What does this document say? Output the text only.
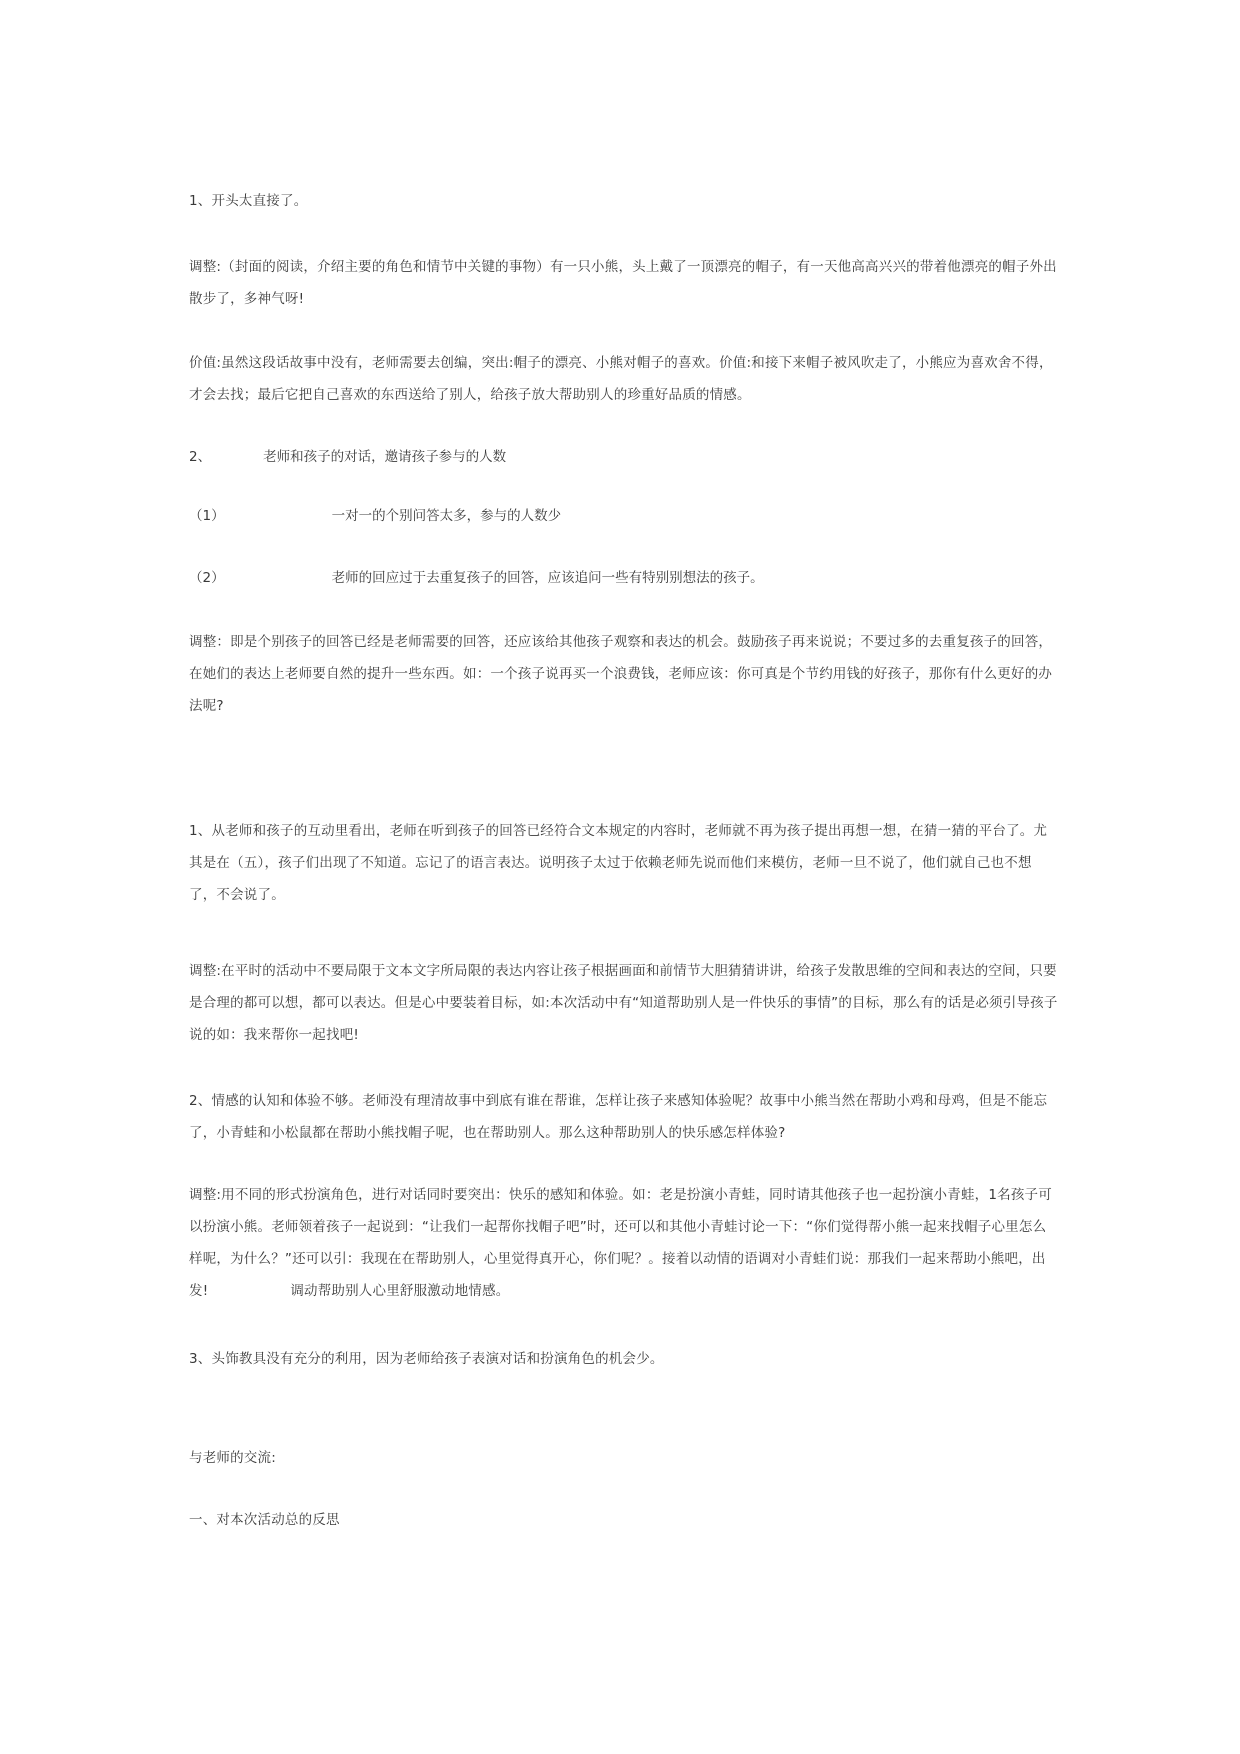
1、开头太直接了。
调整:（封面的阅读，介绍主要的角色和情节中关键的事物）有一只小熊，头上戴了一顶漂亮的帽子，有一天他高高兴兴的带着他漂亮的帽子外出散步了，多神气呀!
价值:虽然这段话故事中没有，老师需要去创编，突出:帽子的漂亮、小熊对帽子的喜欢。价值:和接下来帽子被风吹走了，小熊应为喜欢舍不得，才会去找；最后它把自己喜欢的东西送给了别人，给孩子放大帮助别人的珍重好品质的情感。
2、	老师和孩子的对话，邀请孩子参与的人数
（1）	一对一的个别问答太多，参与的人数少
（2）	老师的回应过于去重复孩子的回答，应该追问一些有特别别想法的孩子。
调整：即是个别孩子的回答已经是老师需要的回答，还应该给其他孩子观察和表达的机会。鼓励孩子再来说说；不要过多的去重复孩子的回答，在她们的表达上老师要自然的提升一些东西。如：一个孩子说再买一个浪费钱，老师应该：你可真是个节约用钱的好孩子，那你有什么更好的办法呢?
1、从老师和孩子的互动里看出，老师在听到孩子的回答已经符合文本规定的内容时，老师就不再为孩子提出再想一想，在猜一猜的平台了。尤其是在（五），孩子们出现了不知道。忘记了的语言表达。说明孩子太过于依赖老师先说而他们来模仿，老师一旦不说了，他们就自己也不想了，不会说了。
调整:在平时的活动中不要局限于文本文字所局限的表达内容让孩子根据画面和前情节大胆猜猜讲讲，给孩子发散思维的空间和表达的空间，只要是合理的都可以想，都可以表达。但是心中要装着目标，如:本次活动中有“知道帮助别人是一件快乐的事情”的目标，那么有的话是必须引导孩子说的如：我来帮你一起找吧!
2、情感的认知和体验不够。老师没有理清故事中到底有谁在帮谁，怎样让孩子来感知体验呢？故事中小熊当然在帮助小鸡和母鸡，但是不能忘了，小青蛙和小松鼠都在帮助小熊找帽子呢，也在帮助别人。那么这种帮助别人的快乐感怎样体验?
调整:用不同的形式扮演角色，进行对话同时要突出：快乐的感知和体验。如：老是扮演小青蛙，同时请其他孩子也一起扮演小青蛙，1名孩子可以扮演小熊。老师领着孩子一起说到：“让我们一起帮你找帽子吧”时，还可以和其他小青蛙讨论一下：“你们觉得帮小熊一起来找帽子心里怎么样呢，为什么？”还可以引：我现在在帮助别人，心里觉得真开心，你们呢？。接着以动情的语调对小青蛙们说：那我们一起来帮助小熊吧，出发!	调动帮助别人心里舒服激动地情感。
3、头饰教具没有充分的利用，因为老师给孩子表演对话和扮演角色的机会少。
与老师的交流:
一、对本次活动总的反思
